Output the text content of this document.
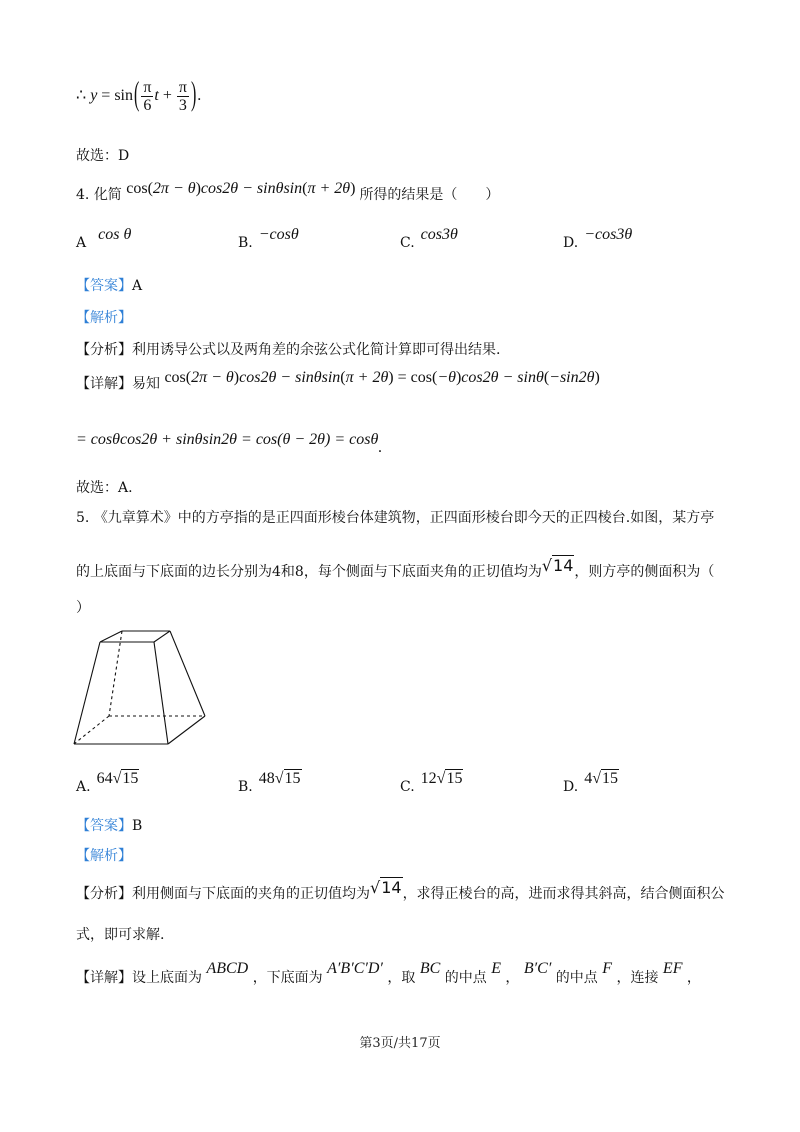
∴ $y = \sin( \frac{\pi}{6}$ $t + \frac{\pi}{3}$ ).
故选：D
4. 化简 cos(2π − θ)cos2θ − sinθsin(π + 2θ) 所得的结果是（　　）
A cos θ	B. −cosθ	C. cos3θ	D. −cos3θ
【答案】A
【解析】
【分析】利用诱导公式以及两角差的余弦公式化简计算即可得出结果.
【详解】易知 cos(2π − θ)cos2θ − sinθsin(π + 2θ) = cos(−θ)cos2θ − sinθ(−sin2θ)
= cosθcos2θ + sinθsin2θ = cos(θ − 2θ) = cosθ.
故选：A.
5. 《九章算术》中的方亭指的是正四面形棱台体建筑物，正四面形棱台即今天的正四棱台.如图，某方亭
的上底面与下底面的边长分别为4和8，每个侧面与下底面夹角的正切值均为√14，则方亭的侧面积为（
）
A. 64√15	B. 48√15	C. 12√15	D. 4√15
【答案】B
【解析】
【分析】利用侧面与下底面的夹角的正切值均为√14，求得正棱台的高，进而求得其斜高，结合侧面积公
式，即可求解.
【详解】设上底面为 ABCD ，下底面为 A′B′C′D′ ，取 BC 的中点 E ， B′C′ 的中点 F ，连接 EF ，
第3页/共17页
